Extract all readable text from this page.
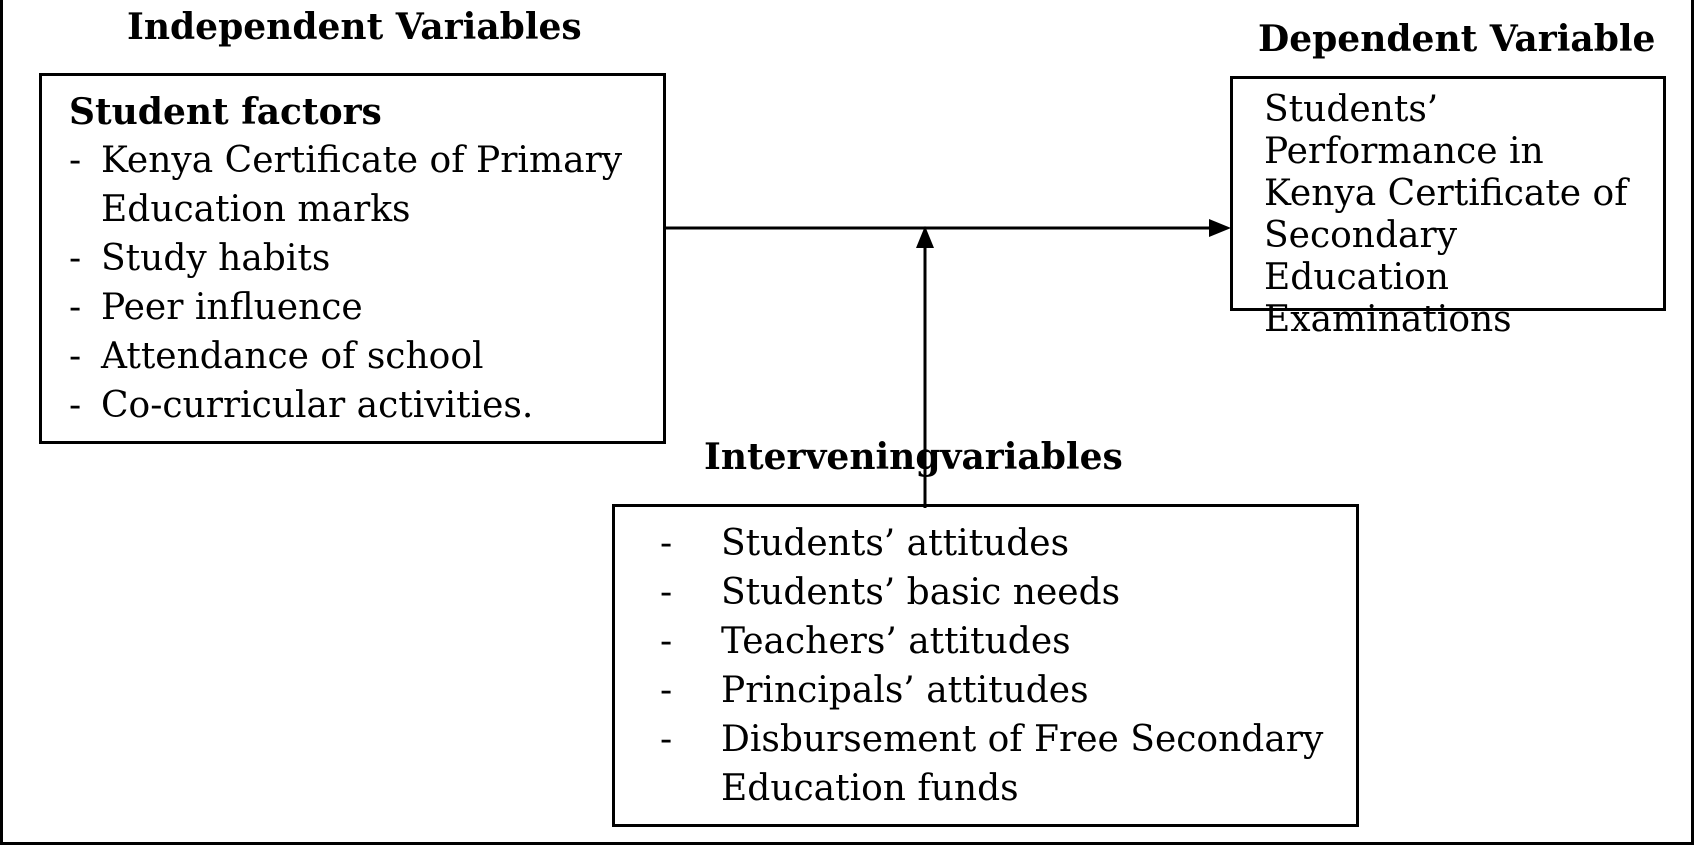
Independent Variables	Dependent Variable
Interveningvariables
Student factors
- Kenya Certificate of Primary Education marks
- Study habits
- Peer influence
- Attendance of school
- Co-curricular activities.
Students’
Performance in
Kenya Certificate of
Secondary Education
Examinations
- Students’ attitudes
- Students’ basic needs
- Teachers’ attitudes
- Principals’ attitudes
- Disbursement of Free Secondary Education funds
